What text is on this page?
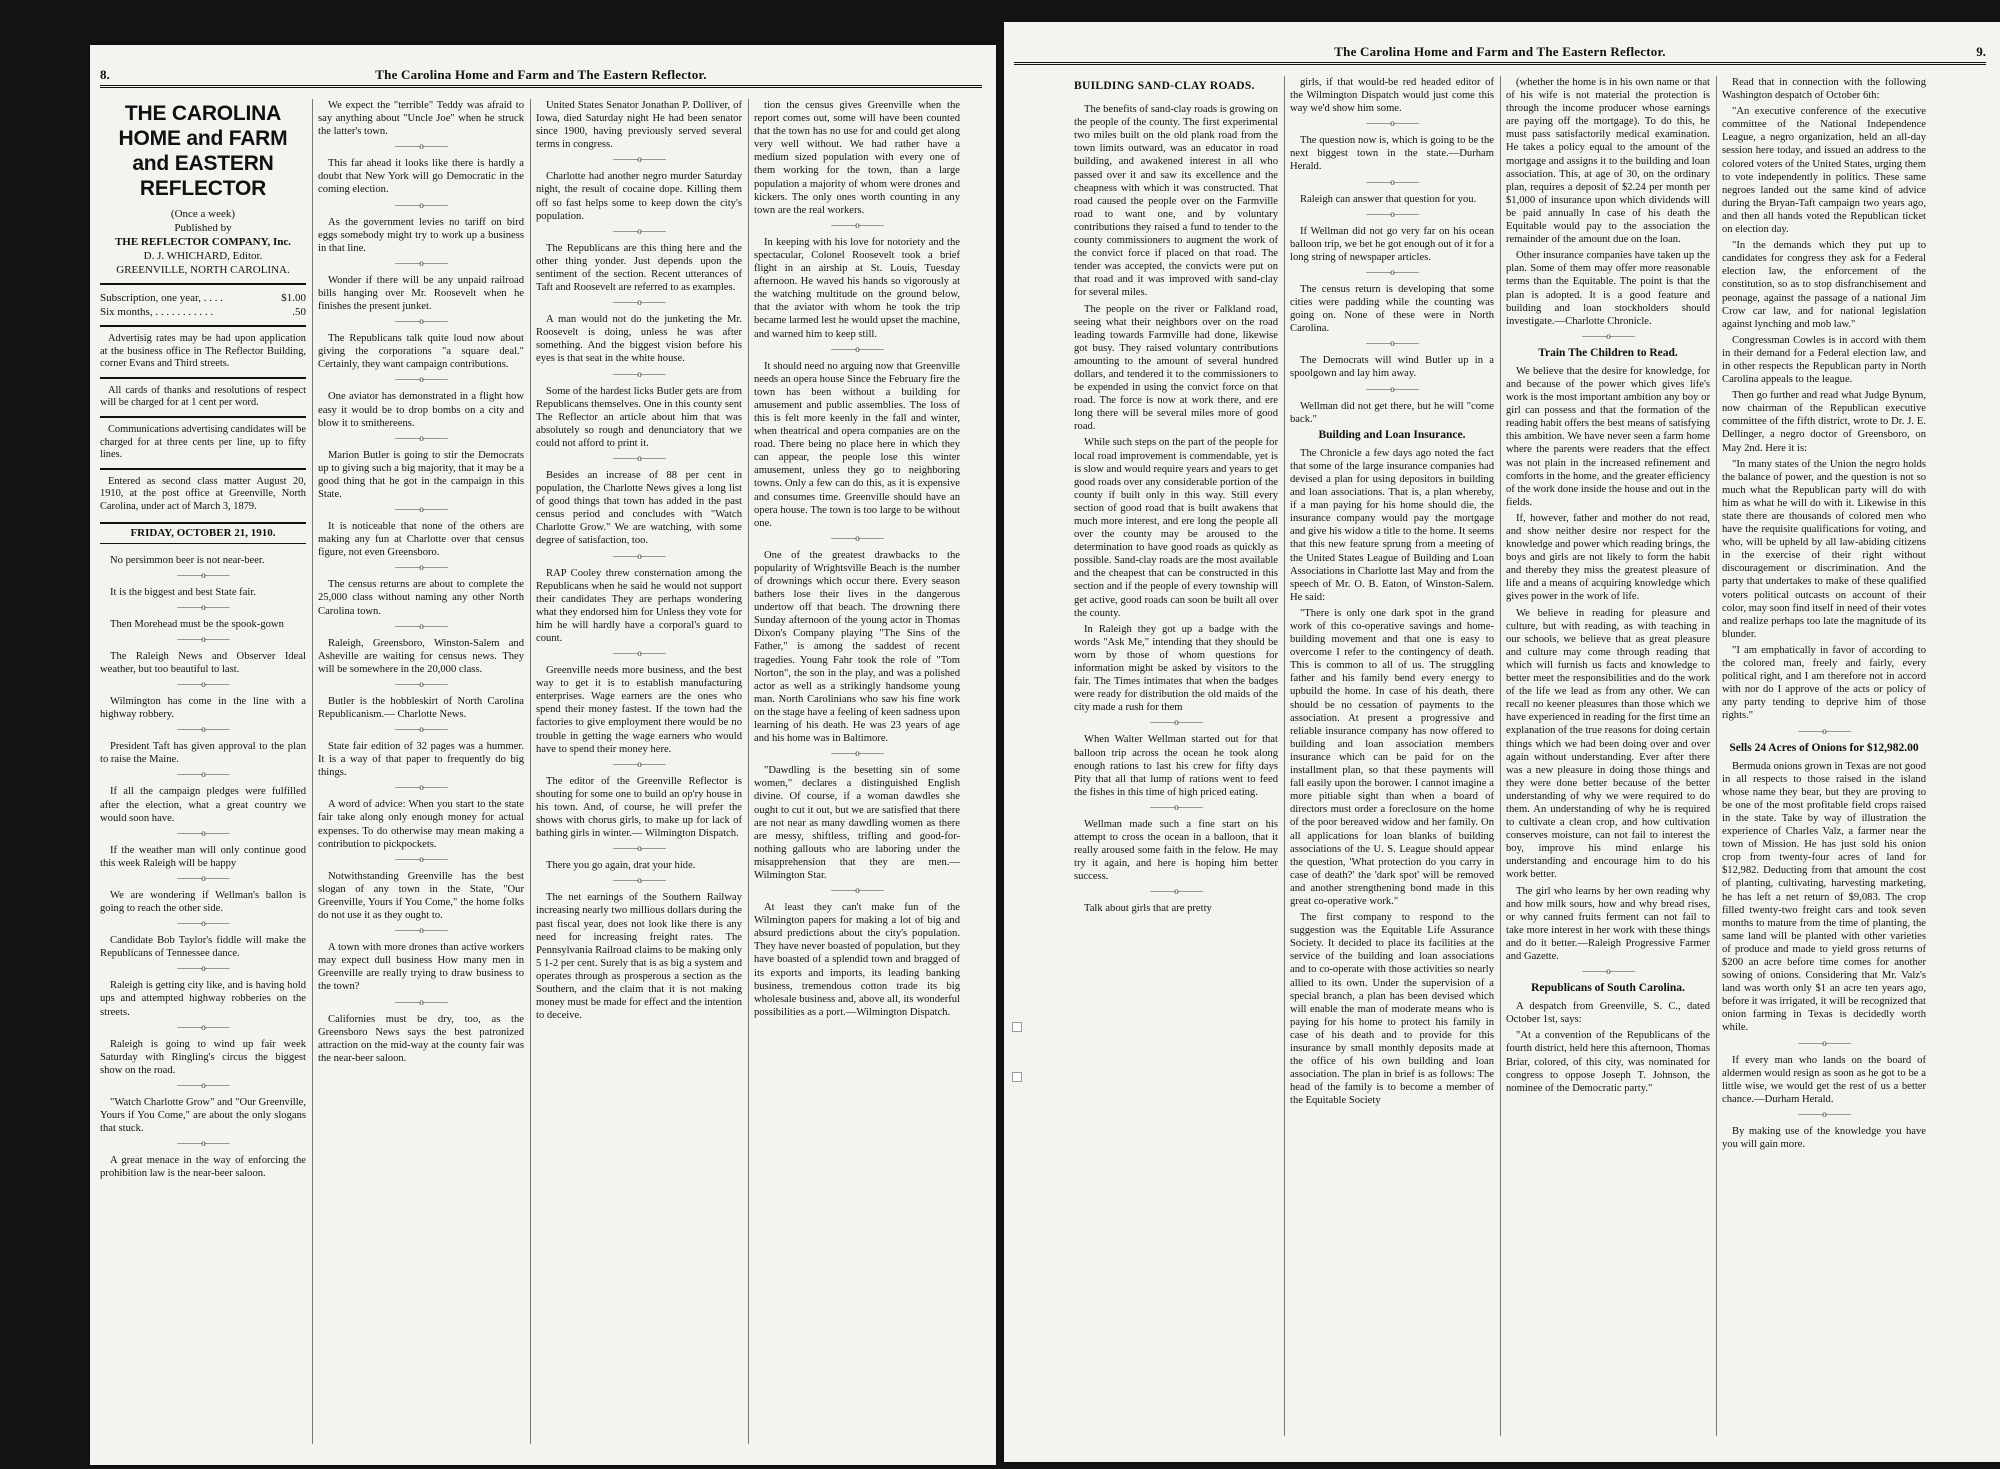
8.	The Carolina Home and Farm and The Eastern Reflector.
THE CAROLINA HOME and FARM and EASTERN REFLECTOR
(Once a week)
Published by
THE REFLECTOR COMPANY, Inc.
D. J. WHICHARD, Editor.
GREENVILLE, NORTH CAROLINA.
Subscription, one year, . . . .	$1.00
Six months, . . . . . . . . . . .	.50
Advertisig rates may be had upon application at the business office in The Reflector Building, corner Evans and Third streets.
All cards of thanks and resolutions of respect will be charged for at 1 cent per word.
Communications advertising candidates will be charged for at three cents per line, up to fifty lines.
Entered as second class matter August 20, 1910, at the post office at Greenville, North Carolina, under act of March 3, 1879.
FRIDAY, OCTOBER 21, 1910.

No persimmon beer is not near-beer.

———o———

It is the biggest and best State fair.

———o———

Then Morehead must be the spook-gown

———o———

The Raleigh News and Observer Ideal weather, but too beautiful to last.

———o———

Wilmington has come in the line with a highway robbery.

———o———

President Taft has given approval to the plan to raise the Maine.

———o———

If all the campaign pledges were fulfilled after the election, what a great country we would soon have.

———o———

If the weather man will only continue good this week Raleigh will be happy

———o———

We are wondering if Wellman's ballon is going to reach the other side.

———o———

Candidate Bob Taylor's fiddle will make the Republicans of Tennessee dance.

———o———

Raleigh is getting city like, and is having hold ups and attempted highway robberies on the streets.

———o———

Raleigh is going to wind up fair week Saturday with Ringling's circus the biggest show on the road.

———o———

"Watch Charlotte Grow" and "Our Greenville, Yours if You Come," are about the only slogans that stuck.

———o———

A great menace in the way of enforcing the prohibition law is the near-beer saloon.

We expect the "terrible" Teddy was afraid to say anything about "Uncle Joe" when he struck the latter's town.

———o———

This far ahead it looks like there is hardly a doubt that New York will go Democratic in the coming election.

———o———

As the government levies no tariff on bird eggs somebody might try to work up a business in that line.

———o———

Wonder if there will be any unpaid railroad bills hanging over Mr. Roosevelt when he finishes the present junket.

———o———

The Republicans talk quite loud now about giving the corporations "a square deal." Certainly, they want campaign contributions.

———o———

One aviator has demonstrated in a flight how easy it would be to drop bombs on a city and blow it to smithereens.

———o———

Marion Butler is going to stir the Democrats up to giving such a big majority, that it may be a good thing that he got in the campaign in this State.

———o———

It is noticeable that none of the others are making any fun at Charlotte over that census figure, not even Greensboro.

———o———

The census returns are about to complete the 25,000 class without naming any other North Carolina town.

———o———

Raleigh, Greensboro, Winston-Salem and Asheville are waiting for census news. They will be somewhere in the 20,000 class.

———o———

Butler is the hobbleskirt of North Carolina Republicanism.— Charlotte News.

———o———

State fair edition of 32 pages was a hummer. It is a way of that paper to frequently do big things.

———o———

A word of advice: When you start to the state fair take along only enough money for actual expenses. To do otherwise may mean making a contribution to pickpockets.

———o———

Notwithstanding Greenville has the best slogan of any town in the State, "Our Greenville, Yours if You Come," the home folks do not use it as they ought to.

———o———

A town with more drones than active workers may expect dull business How many men in Greenville are really trying to draw business to the town?

———o———

Californies must be dry, too, as the Greensboro News says the best patronized attraction on the mid-way at the county fair was the near-beer saloon.

United States Senator Jonathan P. Dolliver, of Iowa, died Saturday night He had been senator since 1900, having previously served several terms in congress.

———o———

Charlotte had another negro murder Saturday night, the result of cocaine dope. Killing them off so fast helps some to keep down the city's population.

———o———

The Republicans are this thing here and the other thing yonder. Just depends upon the sentiment of the section. Recent utterances of Taft and Roosevelt are referred to as examples.

———o———

A man would not do the junketing the Mr. Roosevelt is doing, unless he was after something. And the biggest vision before his eyes is that seat in the white house.

———o———

Some of the hardest licks Butler gets are from Republicans themselves. One in this county sent The Reflector an article about him that was absolutely so rough and denunciatory that we could not afford to print it.

———o———

Besides an increase of 88 per cent in population, the Charlotte News gives a long list of good things that town has added in the past census period and concludes with "Watch Charlotte Grow." We are watching, with some degree of satisfaction, too.

———o———

RAP Cooley threw consternation among the Republicans when he said he would not support their candidates They are perhaps wondering what they endorsed him for Unless they vote for him he will hardly have a corporal's guard to count.

———o———

Greenville needs more business, and the best way to get it is to establish manufacturing enterprises. Wage earners are the ones who spend their money fastest. If the town had the factories to give employment there would be no trouble in getting the wage earners who would have to spend their money here.

———o———

The editor of the Greenville Reflector is shouting for some one to build an op'ry house in his town. And, of course, he will prefer the shows with chorus girls, to make up for lack of bathing girls in winter.— Wilmington Dispatch.

———o———

There you go again, drat your hide.

———o———

The net earnings of the Southern Railway increasing nearly two millious dollars during the past fiscal year, does not look like there is any need for increasing freight rates. The Pennsylvania Railroad claims to be making only 5 1-2 per cent. Surely that is as big a system and operates through as prosperous a section as the Southern, and the claim that it is not making money must be made for effect and the intention to deceive.

tion the census gives Greenville when the report comes out, some will have been counted that the town has no use for and could get along very well without. We had rather have a medium sized population with every one of them working for the town, than a large population a majority of whom were drones and kickers. The only ones worth counting in any town are the real workers.

———o———

In keeping with his love for notoriety and the spectacular, Colonel Roosevelt took a brief flight in an airship at St. Louis, Tuesday afternoon. He waved his hands so vigorously at the watching multitude on the ground below, that the aviator with whom he took the trip became larmed lest he would upset the machine, and warned him to keep still.

———o———

It should need no arguing now that Greenville needs an opera house Since the February fire the town has been without a building for amusement and public assemblies. The loss of this is felt more keenly in the fall and winter, when theatrical and opera companies are on the road. There being no place here in which they can appear, the people lose this winter amusement, unless they go to neighboring towns. Only a few can do this, as it is expensive and consumes time. Greenville should have an opera house. The town is too large to be without one.

———o———

One of the greatest drawbacks to the popularity of Wrightsville Beach is the number of drownings which occur there. Every season bathers lose their lives in the dangerous undertow off that beach. The drowning there Sunday afternoon of the young actor in Thomas Dixon's Company playing "The Sins of the Father," is among the saddest of recent tragedies. Young Fahr took the role of "Tom Norton", the son in the play, and was a polished actor as well as a strikingly handsome young man. North Carolinians who saw his fine work on the stage have a feeling of keen sadness upon learning of his death. He was 23 years of age and his home was in Baltimore.

———o———

"Dawdling is the besetting sin of some women," declares a distinguished English divine. Of course, if a woman dawdles she ought to cut it out, but we are satisfied that there are not near as many dawdling women as there are messy, shiftless, trifling and good-for-nothing gallouts who are laboring under the misapprehension that they are men.—Wilmington Star.

———o———

At least they can't make fun of the Wilmington papers for making a lot of big and absurd predictions about the city's population. They have never boasted of population, but they have boasted of a splendid town and bragged of its exports and imports, its leading banking business, tremendous cotton trade its big wholesale business and, above all, its wonderful possibilities as a port.—Wilmington Dispatch.

The Carolina Home and Farm and The Eastern Reflector.	9.
BUILDING SAND-CLAY ROADS.

The benefits of sand-clay roads is growing on the people of the county. The first experimental two miles built on the old plank road from the town limits outward, was an educator in road building, and awakened interest in all who passed over it and saw its excellence and the cheapness with which it was constructed. That road caused the people over on the Farmville road to want one, and by voluntary contributions they raised a fund to tender to the county commissioners to augment the work of the convict force if placed on that road. The tender was accepted, the convicts were put on that road and it was improved with sand-clay for several miles.

The people on the river or Falkland road, seeing what their neighbors over on the road leading towards Farmville had done, likewise got busy. They raised voluntary contributions amounting to the amount of several hundred dollars, and tendered it to the commissioners to be expended in using the convict force on that road. The force is now at work there, and ere long there will be several miles more of good road.

While such steps on the part of the people for local road improvement is commendable, yet is is slow and would require years and years to get good roads over any considerable portion of the county if built only in this way. Still every section of good road that is built awakens that much more interest, and ere long the people all over the county may be aroused to the determination to have good roads as quickly as possible. Sand-clay roads are the most available and the cheapest that can be constructed in this section and if the people of every township will get active, good roads can soon be built all over the county.

In Raleigh they got up a badge with the words "Ask Me," intending that they should be worn by those of whom questions for information might be asked by visitors to the fair. The Times intimates that when the badges were ready for distribution the old maids of the city made a rush for them

———o———

When Walter Wellman started out for that balloon trip across the ocean he took along enough rations to last his crew for fifty days Pity that all that lump of rations went to feed the fishes in this time of high priced eating.

———o———

Wellman made such a fine start on his attempt to cross the ocean in a balloon, that it really aroused some faith in the felow. He may try it again, and here is hoping him better success.

———o———

Talk about girls that are pretty

girls, if that would-be red headed editor of the Wilmington Dispatch would just come this way we'd show him some.

———o———

The question now is, which is going to be the next biggest town in the state.—Durham Herald.

———o———

Raleigh can answer that question for you.

———o———

If Wellman did not go very far on his ocean balloon trip, we bet he got enough out of it for a long string of newspaper articles.

———o———

The census return is developing that some cities were padding while the counting was going on. None of these were in North Carolina.

———o———

The Democrats will wind Butler up in a spoolgown and lay him away.

———o———

Wellman did not get there, but he will "come back."

Building and Loan Insurance.

The Chronicle a few days ago noted the fact that some of the large insurance companies had devised a plan for using depositors in building and loan associations. That is, a plan whereby, if a man paying for his home should die, the insurance company would pay the mortgage and give his widow a title to the home. It seems that this new feature sprung from a meeting of the United States League of Building and Loan Associations in Charlotte last May and from the speech of Mr. O. B. Eaton, of Winston-Salem. He said:

"There is only one dark spot in the grand work of this co-operative savings and home-building movement and that one is easy to overcome I refer to the contingency of death. This is common to all of us. The struggling father and his family bend every energy to upbuild the home. In case of his death, there should be no cessation of payments to the association. At present a progressive and reliable insurance company has now offered to building and loan association members insurance which can be paid for on the installment plan, so that these payments will fall easily upon the borower. I cannot imagine a more pitiable sight than when a board of directors must order a foreclosure on the home of the poor bereaved widow and her family. On all applications for loan blanks of building associations of the U. S. League should appear the question, 'What protection do you carry in case of death?' the 'dark spot' will be removed and another strengthening bond made in this great co-operative work."

The first company to respond to the suggestion was the Equitable Life Assurance Society. It decided to place its facilities at the service of the building and loan associations and to co-operate with those activities so nearly allied to its own. Under the supervision of a special branch, a plan has been devised which will enable the man of moderate means who is paying for his home to protect his family in case of his death and to provide for this insurance by small monthly deposits made at the office of his own building and loan association. The plan in brief is as follows: The head of the family is to become a member of the Equitable Society

(whether the home is in his own name or that of his wife is not material the protection is through the income producer whose earnings are paying off the mortgage). To do this, he must pass satisfactorily medical examination. He takes a policy equal to the amount of the mortgage and assigns it to the building and loan association. This, at age of 30, on the ordinary plan, requires a deposit of $2.24 per month per $1,000 of insurance upon which dividends will be paid annually In case of his death the Equitable would pay to the association the remainder of the amount due on the loan.

Other insurance companies have taken up the plan. Some of them may offer more reasonable terms than the Equitable. The point is that the plan is adopted. It is a good feature and building and loan stockholders should investigate.—Charlotte Chronicle.

———o———
Train The Children to Read.

We believe that the desire for knowledge, for and because of the power which gives life's work is the most important ambition any boy or girl can possess and that the formation of the reading habit offers the best means of satisfying this ambition. We have never seen a farm home where the parents were readers that the effect was not plain in the increased refinement and comforts in the home, and the greater efficiency of the work done inside the house and out in the fields.

If, however, father and mother do not read, and show neither desire nor respect for the knowledge and power which reading brings, the boys and girls are not likely to form the habit and thereby they miss the greatest pleasure of life and a means of acquiring knowledge which gives power in the work of life.

We believe in reading for pleasure and culture, but with reading, as with teaching in our schools, we believe that as great pleasure and culture may come through reading that which will furnish us facts and knowledge to better meet the responsibilities and do the work of the life we lead as from any other. We can recall no keener pleasures than those which we have experienced in reading for the first time an explanation of the true reasons for doing certain things which we had been doing over and over again without understanding. Ever after there was a new pleasure in doing those things and they were done better because of the better understanding of why we were required to do them. An understanding of why he is required to cultivate a clean crop, and how cultivation conserves moisture, can not fail to interest the boy, improve his mind enlarge his understanding and encourage him to do his work better.

The girl who learns by her own reading why and how milk sours, how and why bread rises, or why canned fruits ferment can not fail to take more interest in her work with these things and do it better.—Raleigh Progressive Farmer and Gazette.

———o———
Republicans of South Carolina.

A despatch from Greenville, S. C., dated October 1st, says:

"At a convention of the Republicans of the fourth district, held here this afternoon, Thomas Briar, colored, of this city, was nominated for congress to oppose Joseph T. Johnson, the nominee of the Democratic party."

Read that in connection with the following Washington despatch of October 6th:

"An executive conference of the executive committee of the National Independence League, a negro organization, held an all-day session here today, and issued an address to the colored voters of the United States, urging them to vote independently in politics. These same negroes landed out the same kind of advice during the Bryan-Taft campaign two years ago, and then all hands voted the Republican ticket on election day.

"In the demands which they put up to candidates for congress they ask for a Federal election law, the enforcement of the constitution, so as to stop disfranchisement and peonage, against the passage of a national Jim Crow car law, and for national legislation against lynching and mob law."

Congressman Cowles is in accord with them in their demand for a Federal election law, and in other respects the Republican party in North Carolina appeals to the league.

Then go further and read what Judge Bynum, now chairman of the Republican executive committee of the fifth district, wrote to Dr. J. E. Dellinger, a negro doctor of Greensboro, on May 2nd. Here it is:

"In many states of the Union the negro holds the balance of power, and the question is not so much what the Republican party will do with him as what he will do with it. Likewise in this state there are thousands of colored men who have the requisite qualifications for voting, and who, will be upheld by all law-abiding citizens in the exercise of their right without discouragement or discrimination. And the party that undertakes to make of these qualified voters political outcasts on account of their color, may soon find itself in need of their votes and realize perhaps too late the magnitude of its blunder.

"I am emphatically in favor of according to the colored man, freely and fairly, every political right, and I am therefore not in accord with nor do I approve of the acts or policy of any party tending to deprive him of those rights."

———o———
Sells 24 Acres of Onions for $12,982.00

Bermuda onions grown in Texas are not good in all respects to those raised in the island whose name they bear, but they are proving to be one of the most profitable field crops raised in the state. Take by way of illustration the experience of Charles Valz, a farmer near the town of Mission. He has just sold his onion crop from twenty-four acres of land for $12,982. Deducting from that amount the cost of planting, cultivating, harvesting marketing, he has left a net return of $9,083. The crop filled twenty-two freight cars and took seven months to mature from the time of planting, the same land will be planted with other varieties of produce and made to yield gross returns of $200 an acre before time comes for another sowing of onions. Considering that Mr. Valz's land was worth only $1 an acre ten years ago, before it was irrigated, it will be recognized that onion farming in Texas is decidedly worth while.

———o———

If every man who lands on the board of aldermen would resign as soon as he got to be a little wise, we would get the rest of us a better chance.—Durham Herald.

———o———

By making use of the knowledge you have you will gain more.
